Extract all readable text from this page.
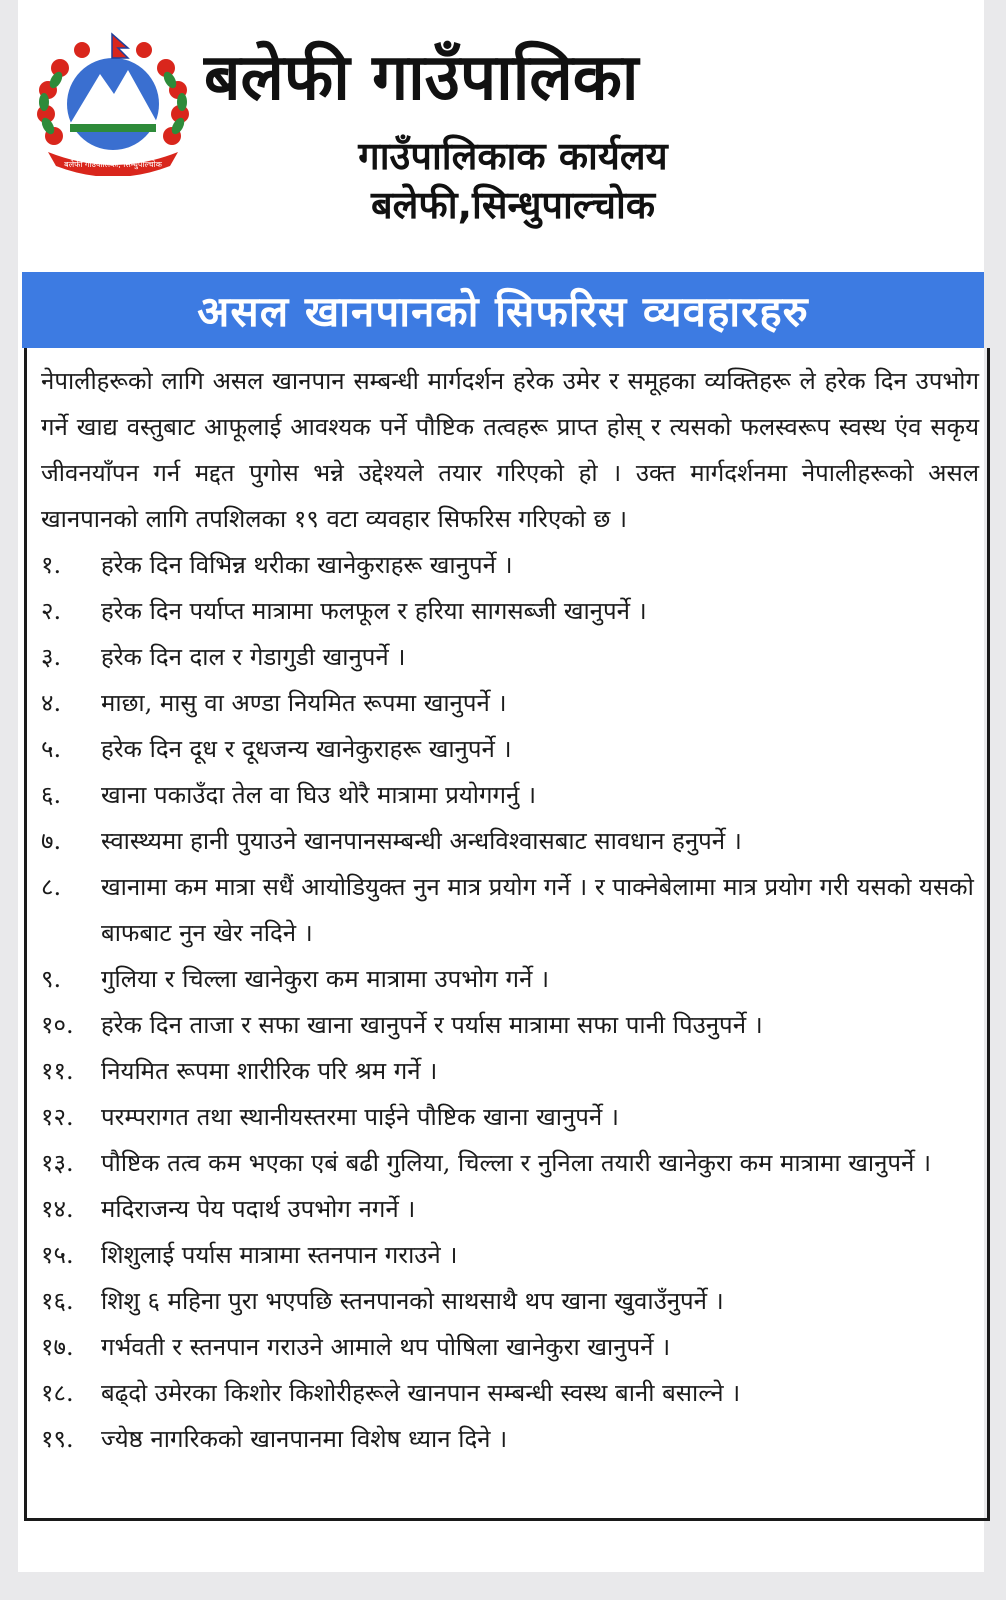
बलेफी गाउँपालिका, सिन्धुपाल्चोक
बलेफी गाउँपालिका
गाउँपालिकाक कार्यलय
बलेफी,सिन्धुपाल्चोक
असल खानपानको सिफरिस व्यवहारहरु

नेपालीहरूको लागि असल खानपान सम्बन्धी मार्गदर्शन हरेक उमेर र समूहका व्यक्तिहरू ले हरेक दिन उपभोग गर्ने खाद्य वस्तुबाट आफूलाई आवश्यक पर्ने पौष्टिक तत्वहरू प्राप्त होस् र त्यसको फलस्वरूप स्वस्थ एंव सकृय जीवनयाँपन गर्न मद्दत पुगोस भन्ने उद्देश्यले तयार गरिएको हो । उक्त मार्गदर्शनमा नेपालीहरूको असल खानपानको लागि तपशिलका १९ वटा व्यवहार सिफरिस गरिएको छ ।

१.	हरेक दिन विभिन्न थरीका खानेकुराहरू खानुपर्ने ।
२.	हरेक दिन पर्याप्त मात्रामा फलफूल र हरिया सागसब्जी खानुपर्ने ।
३.	हरेक दिन दाल र गेडागुडी खानुपर्ने ।
४.	माछा, मासु वा अण्डा नियमित रूपमा खानुपर्ने ।
५.	हरेक दिन दूध र दूधजन्य खानेकुराहरू खानुपर्ने ।
६.	खाना पकाउँदा तेल वा घिउ थोरै मात्रामा प्रयोगगर्नु ।
७.	स्वास्थ्यमा हानी पुयाउने खानपानसम्बन्धी अन्धविश्वासबाट सावधान हनुपर्ने ।
८.	खानामा कम मात्रा सधैं आयोडियुक्त नुन मात्र प्रयोग गर्ने । र पाक्नेबेलामा मात्र प्रयोग गरी यसको यसको बाफबाट नुन खेर नदिने ।
९.	गुलिया र चिल्ला खानेकुरा कम मात्रामा उपभोग गर्ने ।
१०.	हरेक दिन ताजा र सफा खाना खानुपर्ने र पर्यास मात्रामा सफा पानी पिउनुपर्ने ।
११.	नियमित रूपमा शारीरिक परि श्रम गर्ने ।
१२.	परम्परागत तथा स्थानीयस्तरमा पाईने पौष्टिक खाना खानुपर्ने ।
१३.	पौष्टिक तत्व कम भएका एबं बढी गुलिया, चिल्ला र नुनिला तयारी खानेकुरा कम मात्रामा खानुपर्ने ।
१४.	मदिराजन्य पेय पदार्थ उपभोग नगर्ने ।
१५.	शिशुलाई पर्यास मात्रामा स्तनपान गराउने ।
१६.	शिशु ६ महिना पुरा भएपछि स्तनपानको साथसाथै थप खाना खुवाउँनुपर्ने ।
१७.	गर्भवती र स्तनपान गराउने आमाले थप पोषिला खानेकुरा खानुपर्ने ।
१८.	बढ्दो उमेरका किशोर किशोरीहरूले खानपान सम्बन्धी स्वस्थ बानी बसाल्ने ।
१९.	ज्येष्ठ नागरिकको खानपानमा विशेष ध्यान दिने ।
